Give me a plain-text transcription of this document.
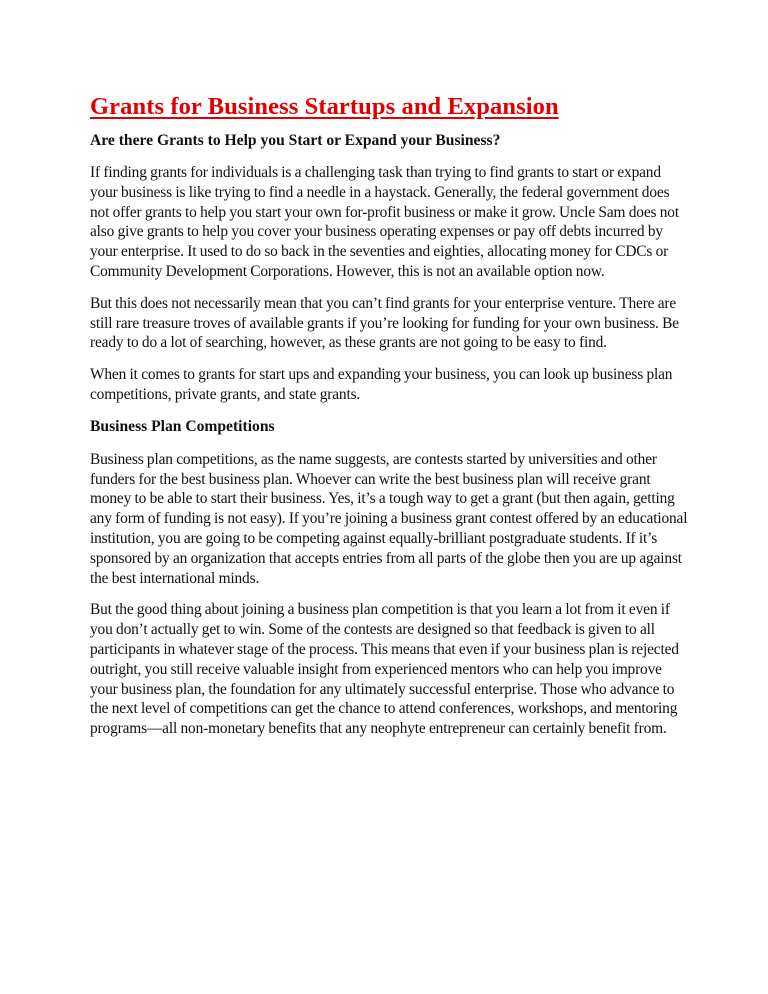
Grants for Business Startups and Expansion
Are there Grants to Help you Start or Expand your Business?

If finding grants for individuals is a challenging task than trying to find grants to start or expand your business is like trying to find a needle in a haystack. Generally, the federal government does not offer grants to help you start your own for-profit business or make it grow. Uncle Sam does not also give grants to help you cover your business operating expenses or pay off debts incurred by your enterprise. It used to do so back in the seventies and eighties, allocating money for CDCs or Community Development Corporations. However, this is not an available option now.

But this does not necessarily mean that you can’t find grants for your enterprise venture. There are still rare treasure troves of available grants if you’re looking for funding for your own business. Be ready to do a lot of searching, however, as these grants are not going to be easy to find.

When it comes to grants for start ups and expanding your business, you can look up business plan competitions, private grants, and state grants.

Business Plan Competitions

Business plan competitions, as the name suggests, are contests started by universities and other funders for the best business plan. Whoever can write the best business plan will receive grant money to be able to start their business. Yes, it’s a tough way to get a grant (but then again, getting any form of funding is not easy). If you’re joining a business grant contest offered by an educational institution, you are going to be competing against equally-brilliant postgraduate students. If it’s sponsored by an organization that accepts entries from all parts of the globe then you are up against the best international minds.

But the good thing about joining a business plan competition is that you learn a lot from it even if you don’t actually get to win. Some of the contests are designed so that feedback is given to all participants in whatever stage of the process. This means that even if your business plan is rejected outright, you still receive valuable insight from experienced mentors who can help you improve your business plan, the foundation for any ultimately successful enterprise. Those who advance to the next level of competitions can get the chance to attend conferences, workshops, and mentoring programs—all non-monetary benefits that any neophyte entrepreneur can certainly benefit from.
